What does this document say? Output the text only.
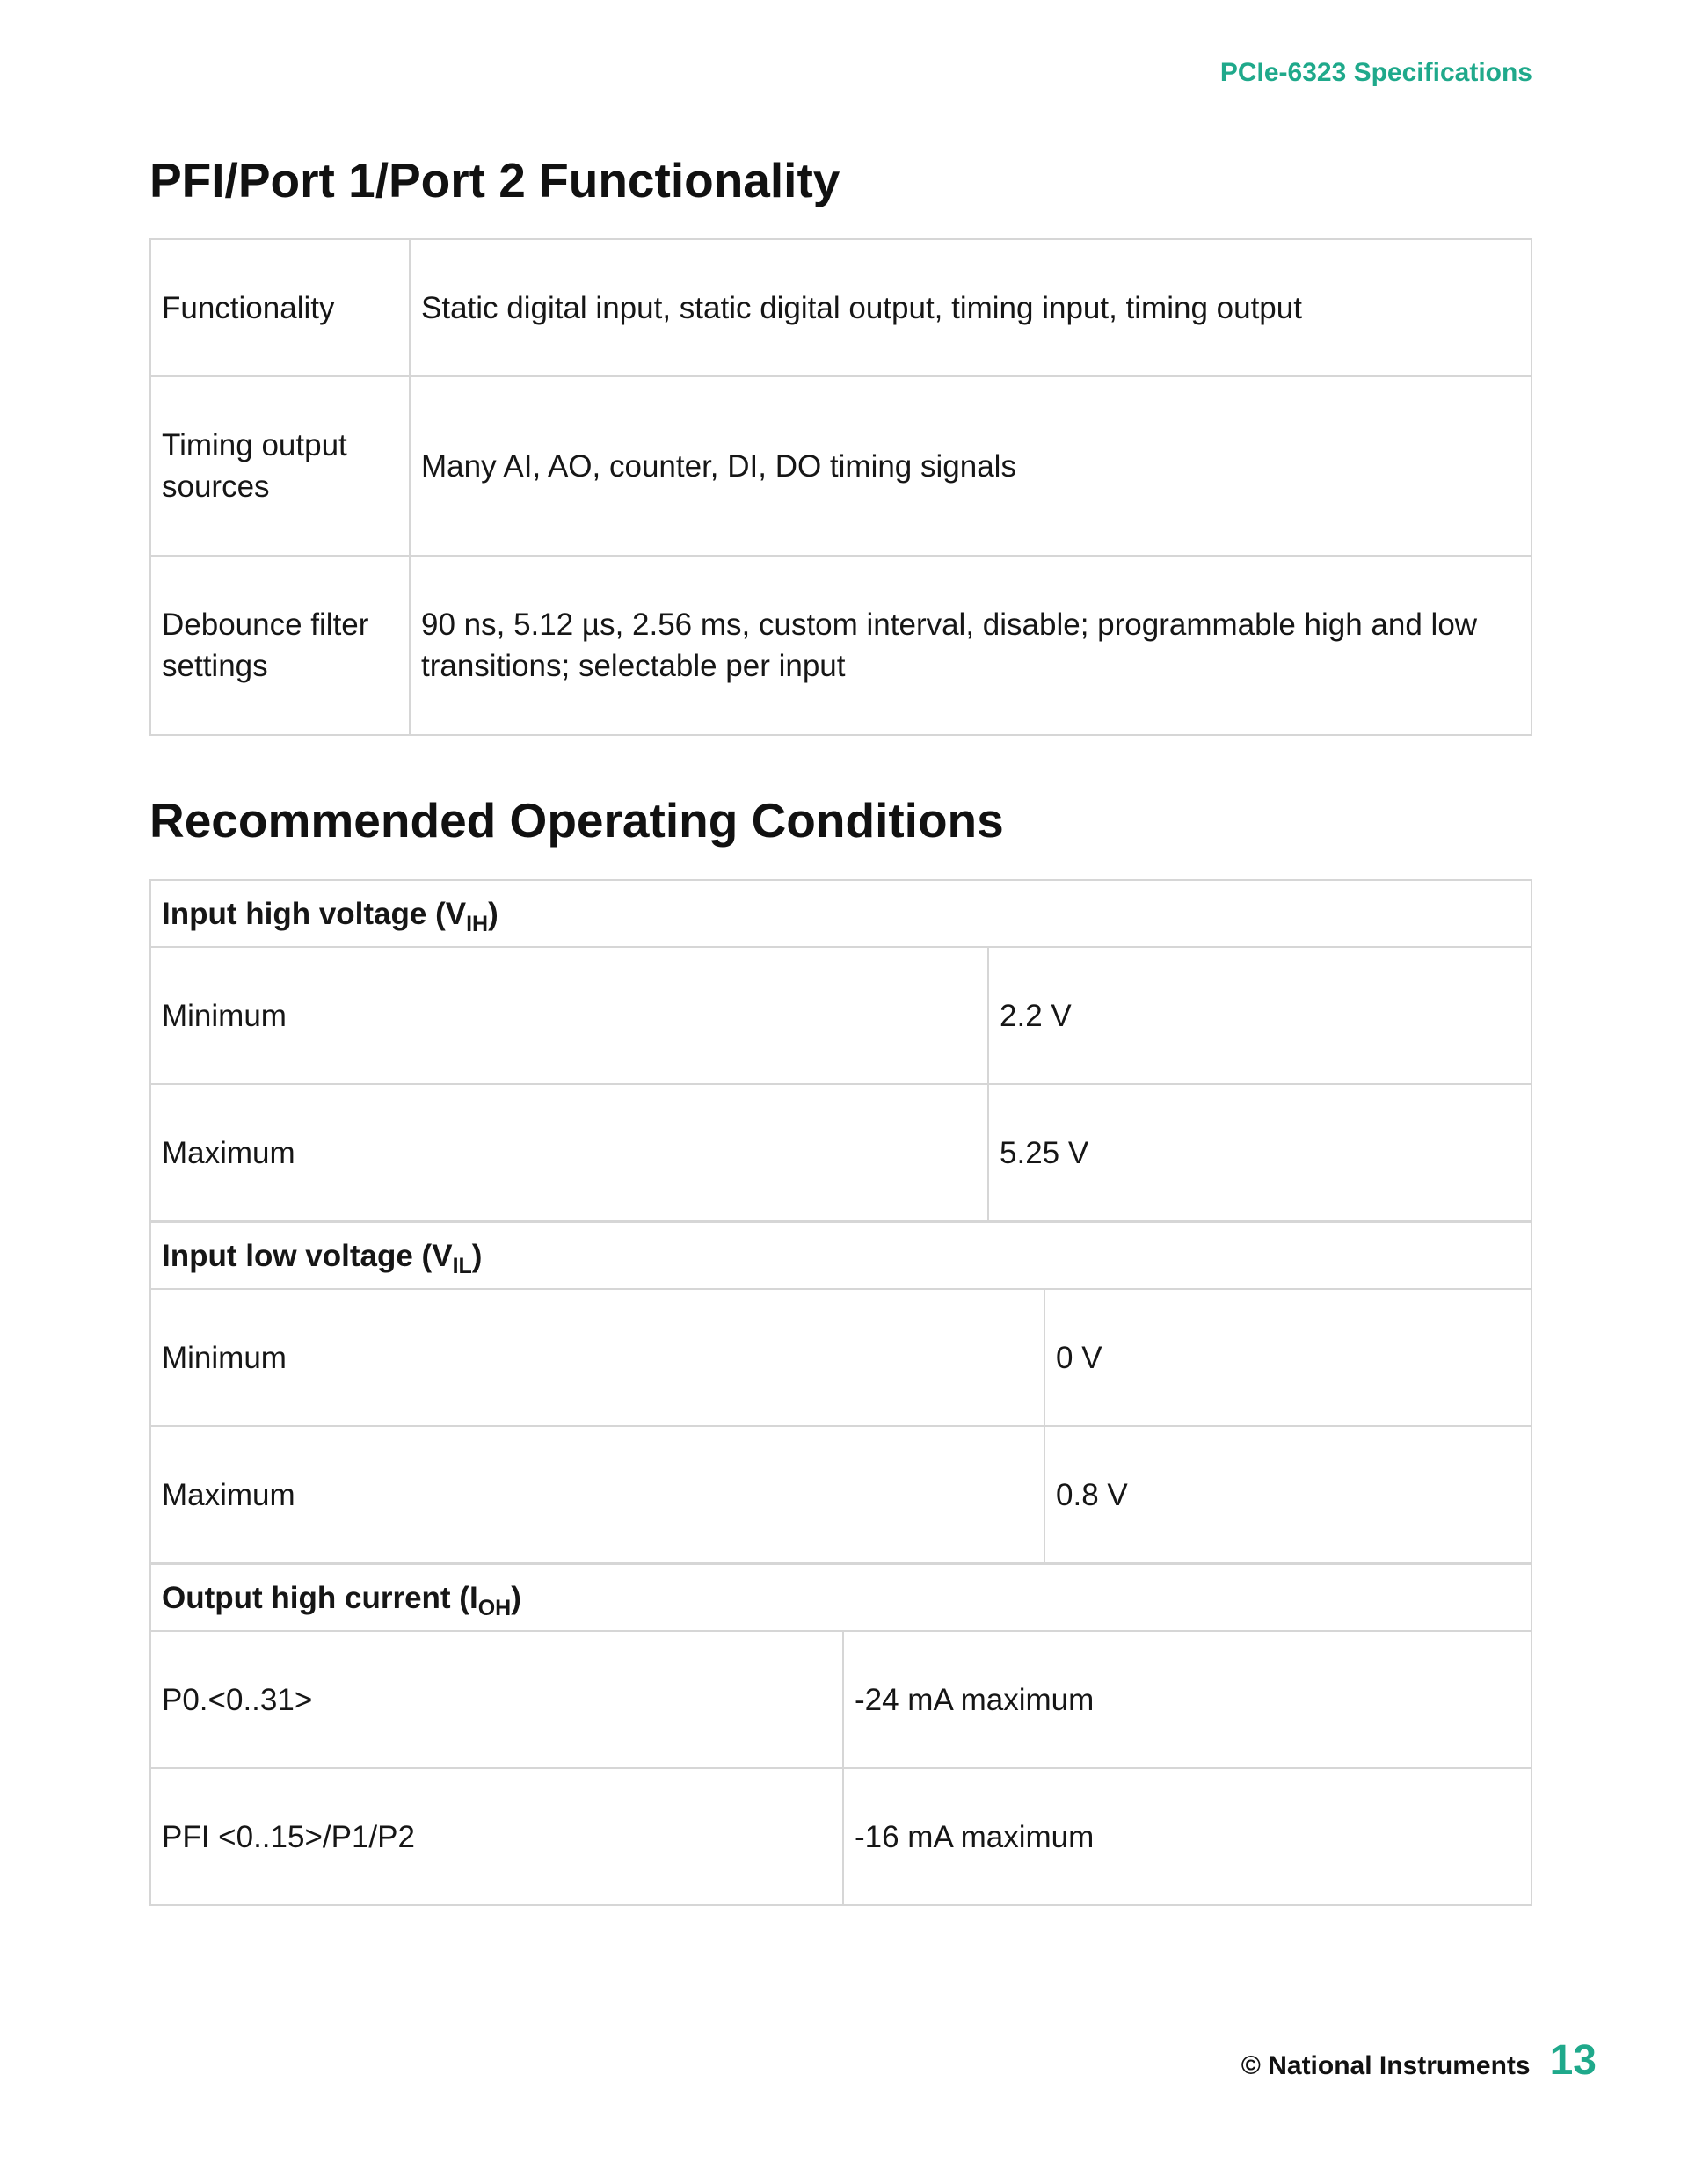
PCIe-6323 Specifications
PFI/Port 1/Port 2 Functionality
Functionality	Static digital input, static digital output, timing input, timing output
Timing output sources	Many AI, AO, counter, DI, DO timing signals
Debounce filter settings	90 ns, 5.12 µs, 2.56 ms, custom interval, disable; programmable high and low transitions; selectable per input
Recommended Operating Conditions
Input high voltage $(V_{IH})$	
Minimum	2.2 V
Maximum	5.25 V
Input low voltage $(V_{IL})$	
Minimum	0 V
Maximum	0.8 V
Output high current $(I_{OH})$	
P0.<0..31>	-24 mA maximum
PFI <0..15>/P1/P2	-16 mA maximum
© National Instruments 13
